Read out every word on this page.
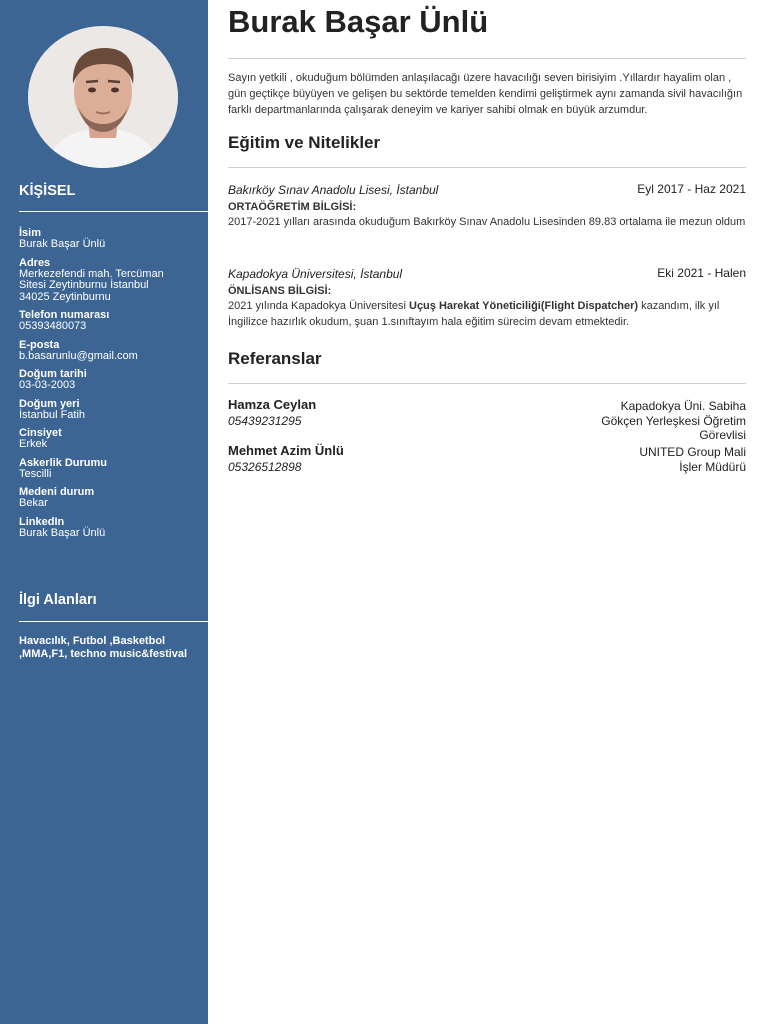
KİŞİSEL
İsim
Burak Başar Ünlü
Adres
Merkezefendi mah. Tercüman
Sitesi Zeytinburnu İstanbul
34025 Zeytinburnu
Telefon numarası
05393480073
E-posta
b.basarunlu@gmail.com
Doğum tarihi
03-03-2003
Doğum yeri
İstanbul Fatih
Cinsiyet
Erkek
Askerlik Durumu
Tescilli
Medeni durum
Bekar
LinkedIn
Burak Başar Ünlü
İlgi Alanları
Havacılık, Futbol ,Basketbol ,MMA,F1, techno music&festival
Burak Başar Ünlü
Sayın yetkili , okuduğum bölümden anlaşılacağı üzere havacılığı seven birisiyim .Yıllardır hayalim olan , gün geçtikçe büyüyen ve gelişen bu sektörde temelden kendimi geliştirmek aynı zamanda sivil havacılığın farklı departmanlarında çalışarak deneyim ve kariyer sahibi olmak en büyük arzumdur.
Eğitim ve Nitelikler
Bakırköy Sınav Anadolu Lisesi, İstanbul	Eyl 2017 - Haz 2021
ORTAÖĞRETİM BİLGİSİ:
2017-2021 yılları arasında okuduğum Bakırköy Sınav Anadolu Lisesinden 89.83 ortalama ile mezun oldum
Kapadokya Üniversitesi, İstanbul	Eki 2021 - Halen
ÖNLİSANS BİLGİSİ:
2021 yılında Kapadokya Üniversitesi Uçuş Harekat Yöneticiliği(Flight Dispatcher) kazandım, ilk yıl İngilizce hazırlık okudum, şuan 1.sınıftayım hala eğitim sürecim devam etmektedir.
Referanslar
Hamza Ceylan
05439231295
Kapadokya Üni. Sabiha Gökçen Yerleşkesi Öğretim Görevlisi
Mehmet Azim Ünlü
05326512898
UNITED Group Mali İşler Müdürü
